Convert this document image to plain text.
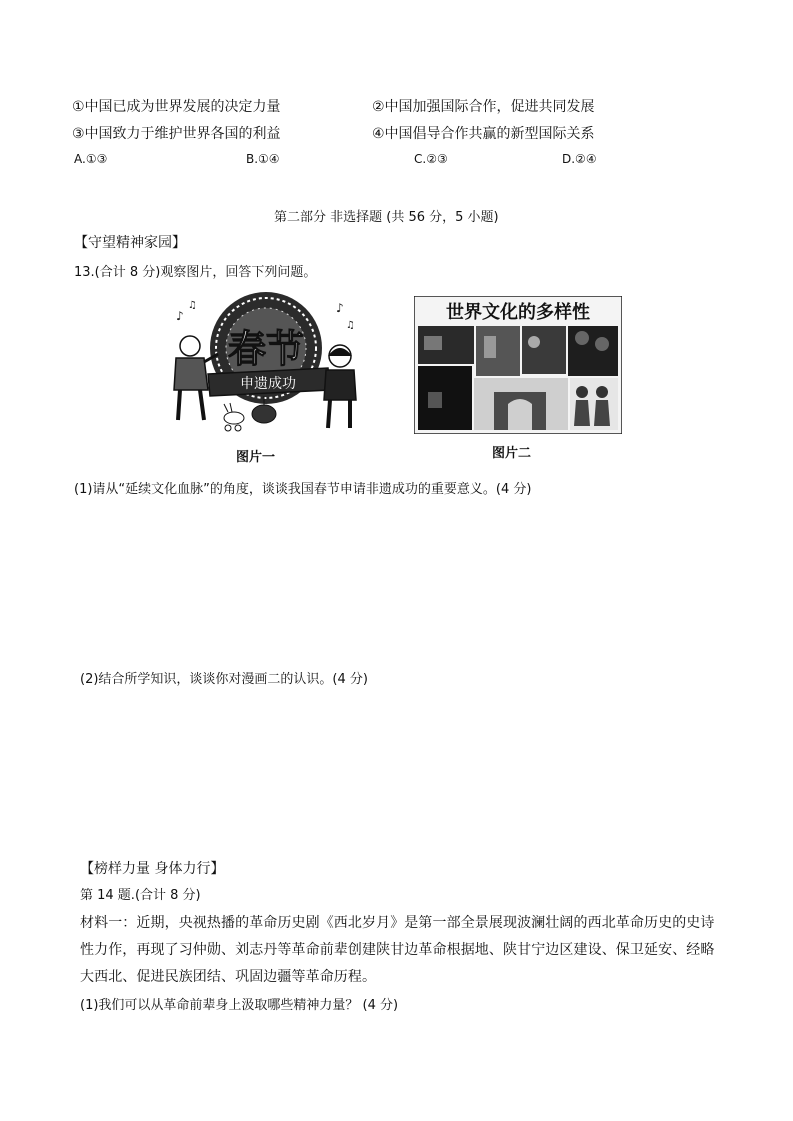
①中国已成为世界发展的决定力量	②中国加强国际合作，促进共同发展
③中国致力于维护世界各国的利益	④中国倡导合作共赢的新型国际关系
A.①③	B.①④	C.②③	D.②④
第二部分 非选择题 (共 56 分，5 小题)
【守望精神家园】
13.(合计 8 分)观察图片，回答下列问题。
春节
♪
♫	♪
♫
申遗成功
图片一
世界文化的多样性
图片二
(1)请从“延续文化血脉”的角度，谈谈我国春节申请非遗成功的重要意义。(4 分)
(2)结合所学知识，谈谈你对漫画二的认识。(4 分)
【榜样力量 身体力行】
第 14 题.(合计 8 分)
材料一：近期，央视热播的革命历史剧《西北岁月》是第一部全景展现波澜壮阔的西北革命历史的史诗
性力作，再现了习仲勋、刘志丹等革命前辈创建陕甘边革命根据地、陕甘宁边区建设、保卫延安、经略
大西北、促进民族团结、巩固边疆等革命历程。
(1)我们可以从革命前辈身上汲取哪些精神力量？ (4 分)
